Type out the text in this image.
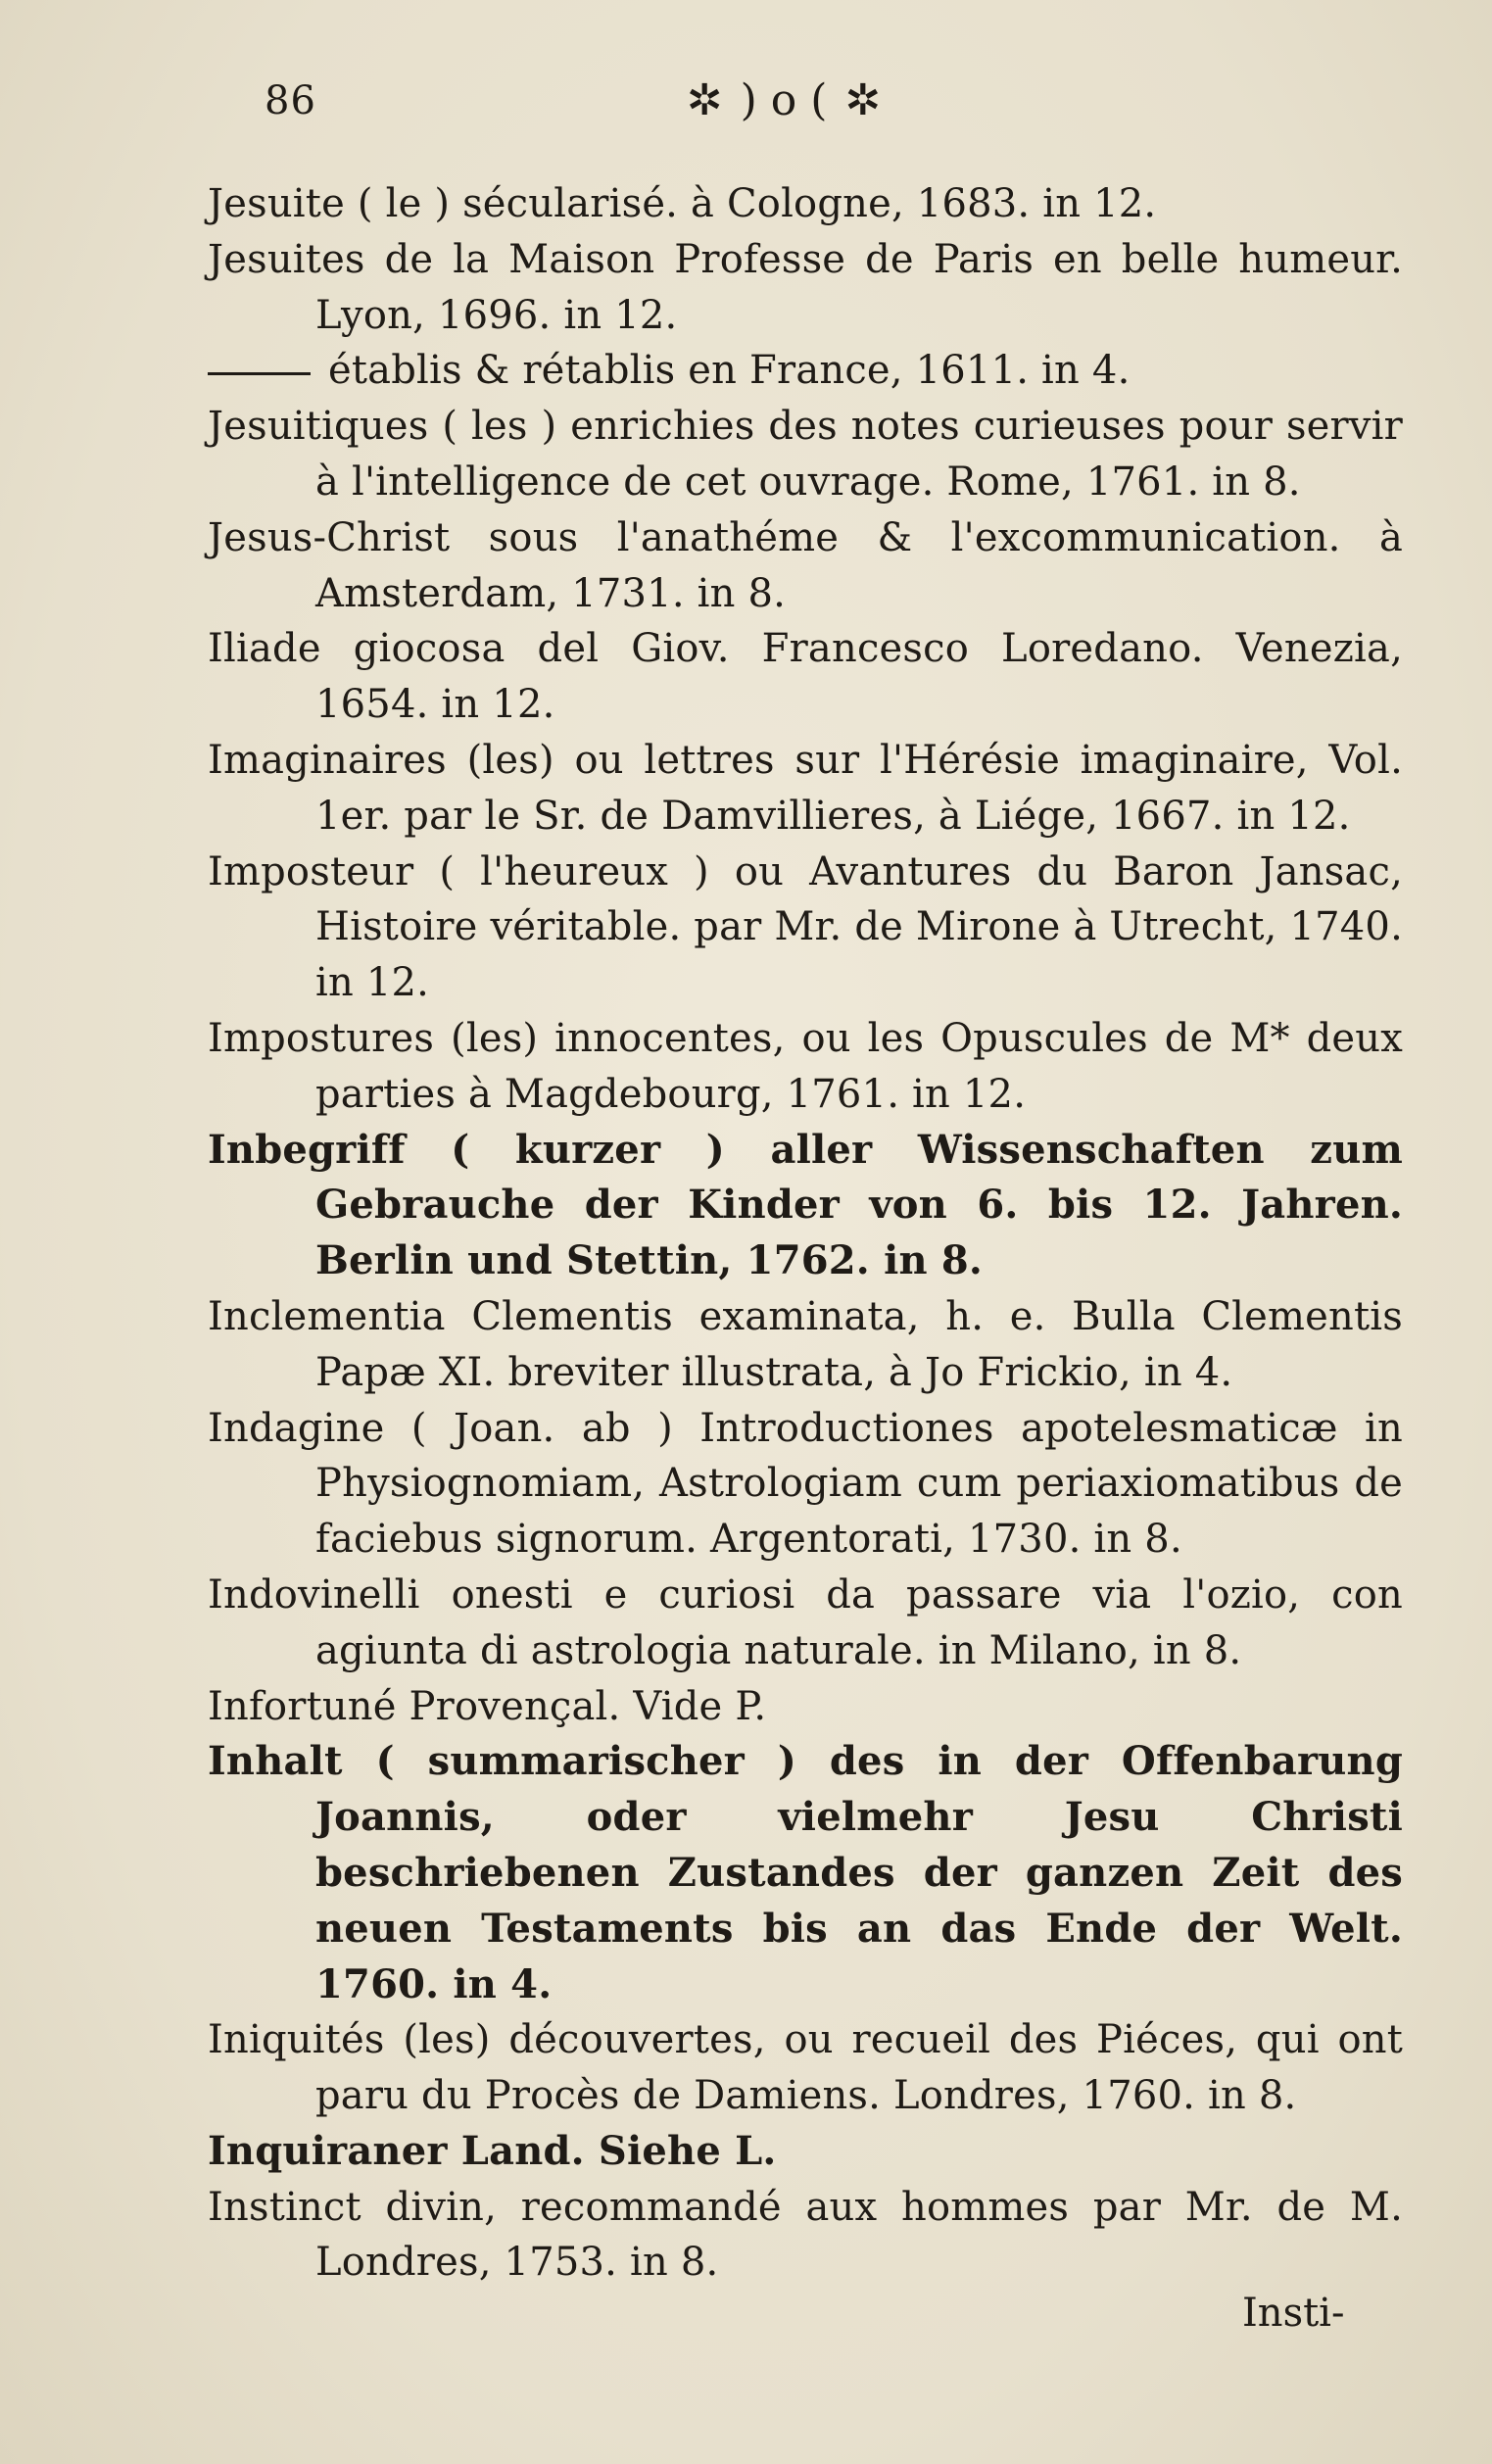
86	✲ ) o ( ✲

Jesuite ( le ) sécularisé. à Cologne, 1683. in 12.

Jesuites de la Maison Professe de Paris en belle humeur. Lyon, 1696. in 12.

établis & rétablis en France, 1611. in 4.

Jesuitiques ( les ) enrichies des notes curieuses pour servir à l'intelligence de cet ouvrage. Rome, 1761. in 8.

Jesus-Christ sous l'anathéme & l'excommunication. à Amsterdam, 1731. in 8.

Iliade giocosa del Giov. Francesco Loredano. Venezia, 1654. in 12.

Imaginaires (les) ou lettres sur l'Hérésie imaginaire, Vol. 1er. par le Sr. de Damvillieres, à Liége, 1667. in 12.

Imposteur ( l'heureux ) ou Avantures du Baron Jansac, Histoire véritable. par Mr. de Mirone à Utrecht, 1740. in 12.

Impostures (les) innocentes, ou les Opuscules de M* deux parties à Magdebourg, 1761. in 12.

Inbegriff ( kurzer ) aller Wissenschaften zum Gebrauche der Kinder von 6. bis 12. Jahren. Berlin und Stettin, 1762. in 8.

Inclementia Clementis examinata, h. e. Bulla Clementis Papæ XI. breviter illustrata, à Jo Frickio, in 4.

Indagine ( Joan. ab ) Introductiones apotelesmaticæ in Physiognomiam, Astrologiam cum periaxiomatibus de faciebus signorum. Argentorati, 1730. in 8.

Indovinelli onesti e curiosi da passare via l'ozio, con agiunta di astrologia naturale. in Milano, in 8.

Infortuné Provençal. Vide P.

Inhalt ( summarischer ) des in der Offenbarung Joannis, oder vielmehr Jesu Christi beschriebenen Zustandes der ganzen Zeit des neuen Testaments bis an das Ende der Welt. 1760. in 4.

Iniquités (les) découvertes, ou recueil des Piéces, qui ont paru du Procès de Damiens. Londres, 1760. in 8.

Inquiraner Land. Siehe L.

Instinct divin, recommandé aux hommes par Mr. de M. Londres, 1753. in 8.

Insti-
